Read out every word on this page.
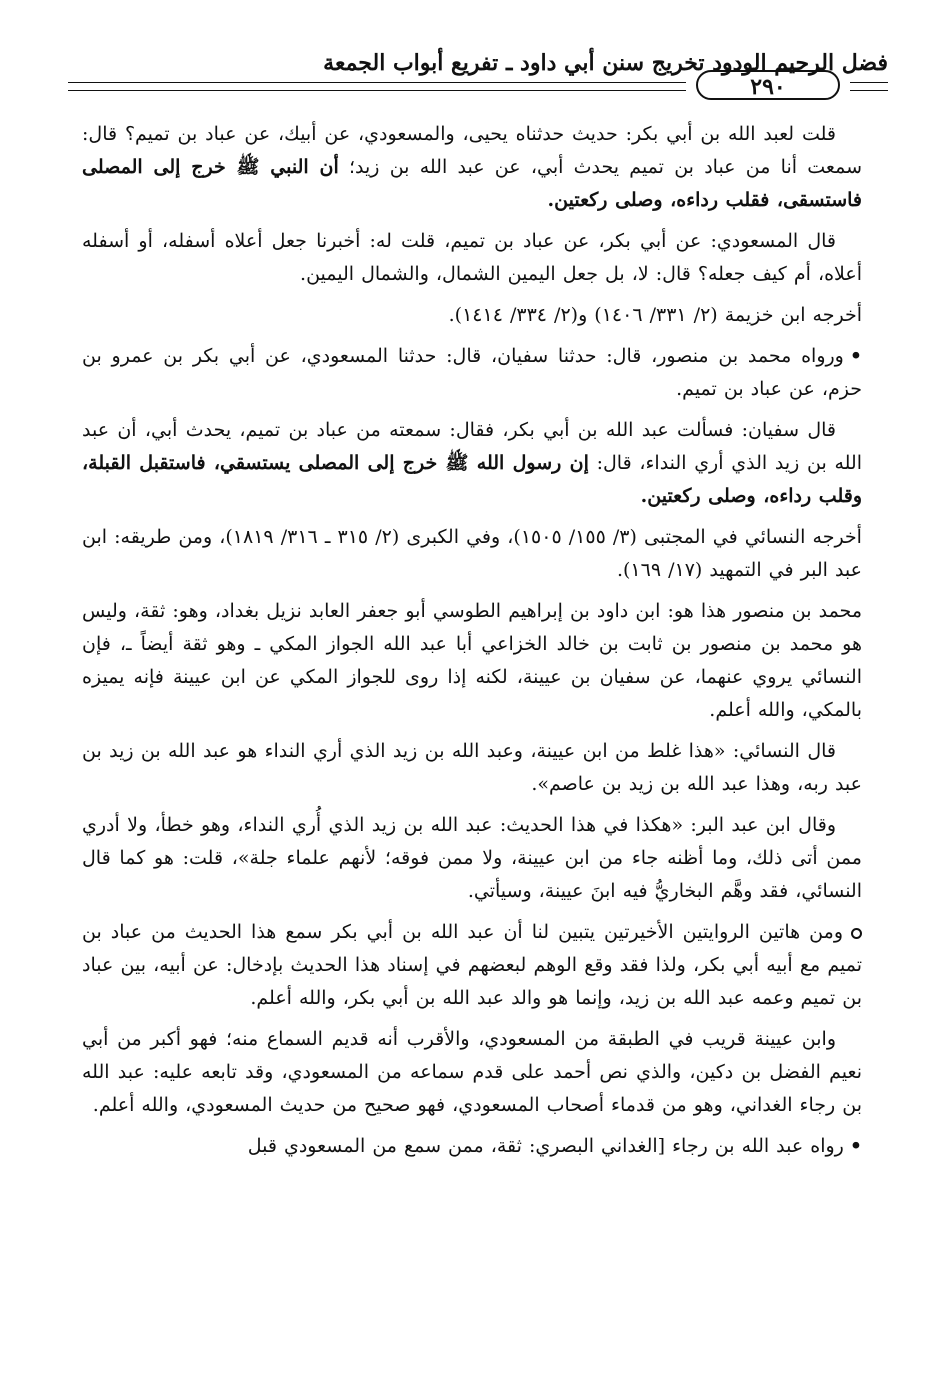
فضل الرحيم الودود تخريج سنن أبي داود ـ تفريع أبواب الجمعة
٢٩٠

قلت لعبد الله بن أبي بكر: حديث حدثناه يحيى، والمسعودي، عن أبيك، عن عباد بن تميم؟ قال: سمعت أنا من عباد بن تميم يحدث أبي، عن عبد الله بن زيد؛ أن النبي ﷺ خرج إلى المصلى فاستسقى، فقلب رداءه، وصلى ركعتين.

قال المسعودي: عن أبي بكر، عن عباد بن تميم، قلت له: أخبرنا جعل أعلاه أسفله، أو أسفله أعلاه، أم كيف جعله؟ قال: لا، بل جعل اليمين الشمال، والشمال اليمين.

أخرجه ابن خزيمة (٢/ ٣٣١/ ١٤٠٦) و(٢/ ٣٣٤/ ١٤١٤).

•ورواه محمد بن منصور، قال: حدثنا سفيان، قال: حدثنا المسعودي، عن أبي بكر بن عمرو بن حزم، عن عباد بن تميم.

قال سفيان: فسألت عبد الله بن أبي بكر، فقال: سمعته من عباد بن تميم، يحدث أبي، أن عبد الله بن زيد الذي أري النداء، قال: إن رسول الله ﷺ خرج إلى المصلى يستسقي، فاستقبل القبلة، وقلب رداءه، وصلى ركعتين.

أخرجه النسائي في المجتبى (٣/ ١٥٥/ ١٥٠٥)، وفي الكبرى (٢/ ٣١٥ ـ ٣١٦/ ١٨١٩)، ومن طريقه: ابن عبد البر في التمهيد (١٧/ ١٦٩).

محمد بن منصور هذا هو: ابن داود بن إبراهيم الطوسي أبو جعفر العابد نزيل بغداد، وهو: ثقة، وليس هو محمد بن منصور بن ثابت بن خالد الخزاعي أبا عبد الله الجواز المكي ـ وهو ثقة أيضاً ـ، فإن النسائي يروي عنهما، عن سفيان بن عيينة، لكنه إذا روى للجواز المكي عن ابن عيينة فإنه يميزه بالمكي، والله أعلم.

قال النسائي: «هذا غلط من ابن عيينة، وعبد الله بن زيد الذي أري النداء هو عبد الله بن زيد بن عبد ربه، وهذا عبد الله بن زيد بن عاصم».

وقال ابن عبد البر: «هكذا في هذا الحديث: عبد الله بن زيد الذي أُري النداء، وهو خطأ، ولا أدري ممن أتى ذلك، وما أظنه جاء من ابن عيينة، ولا ممن فوقه؛ لأنهم علماء جلة»، قلت: هو كما قال النسائي، فقد وهَّم البخاريُّ فيه ابنَ عيينة، وسيأتي.

ومن هاتين الروايتين الأخيرتين يتبين لنا أن عبد الله بن أبي بكر سمع هذا الحديث من عباد بن تميم مع أبيه أبي بكر، ولذا فقد وقع الوهم لبعضهم في إسناد هذا الحديث بإدخال: عن أبيه، بين عباد بن تميم وعمه عبد الله بن زيد، وإنما هو والد عبد الله بن أبي بكر، والله أعلم.

وابن عيينة قريب في الطبقة من المسعودي، والأقرب أنه قديم السماع منه؛ فهو أكبر من أبي نعيم الفضل بن دكين، والذي نص أحمد على قدم سماعه من المسعودي، وقد تابعه عليه: عبد الله بن رجاء الغداني، وهو من قدماء أصحاب المسعودي، فهو صحيح من حديث المسعودي، والله أعلم.

•رواه عبد الله بن رجاء [الغداني البصري: ثقة، ممن سمع من المسعودي قبل
